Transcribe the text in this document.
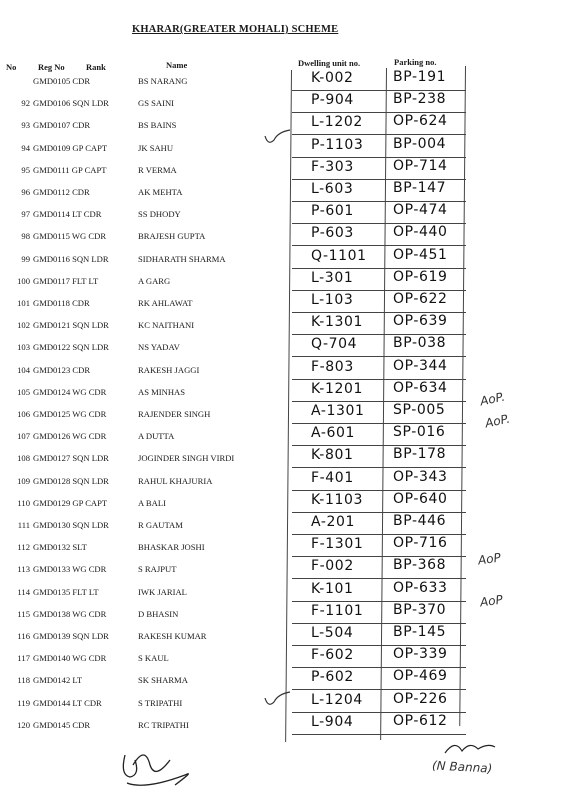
KHARAR(GREATER MOHALI) SCHEME
No	Reg No	Rank	Name	Dwelling unit no.	Parking no.
GMD0105 CDR	BS NARANG	K-002	BP-191
92 GMD0106 SQN LDR	GS SAINI	P-904	BP-238
93 GMD0107 CDR	BS BAINS	L-1202 OP-624
94 GMD0109 GP CAPT	JK SAHU	P-1103 BP-004
95 GMD0111 GP CAPT	R VERMA	F-303	OP-714
96 GMD0112 CDR	AK MEHTA	L-603	BP-147
97 GMD0114 LT CDR	SS DHODY	P-601	OP-474
98 GMD0115 WG CDR	BRAJESH GUPTA	P-603	OP-440
99 GMD0116 SQN LDR	SIDHARATH SHARMA	Q-1101 OP-451
100 GMD0117 FLT LT	A GARG	L-301	OP-619
101 GMD0118 CDR	RK AHLAWAT	L-103	OP-622
102 GMD0121 SQN LDR	KC NAITHANI	K-1301 OP-639
103 GMD0122 SQN LDR	NS YADAV	Q-704	BP-038
104 GMD0123 CDR	RAKESH JAGGI	F-803	OP-344
105 GMD0124 WG CDR	AS MINHAS	K-1201 OP-634
106 GMD0125 WG CDR	RAJENDER SINGH	A-1301 SP-005
107 GMD0126 WG CDR	A DUTTA	A-601	SP-016
108 GMD0127 SQN LDR	JOGINDER SINGH VIRDI	K-801	BP-178
109 GMD0128 SQN LDR	RAHUL KHAJURIA	F-401	OP-343
110 GMD0129 GP CAPT	A BALI	K-1103 OP-640
111 GMD0130 SQN LDR	R GAUTAM	A-201	BP-446
112 GMD0132 SLT	BHASKAR JOSHI	F-1301 OP-716
113 GMD0133 WG CDR	S RAJPUT	F-002	BP-368
114 GMD0135 FLT LT	IWK JARIAL	K-101	OP-633
115 GMD0138 WG CDR	D BHASIN	F-1101 BP-370
116 GMD0139 SQN LDR	RAKESH KUMAR	L-504	BP-145
117 GMD0140 WG CDR	S KAUL	F-602	OP-339
118 GMD0142 LT	SK SHARMA	P-602	OP-469
119 GMD0144 LT CDR	S TRIPATHI	L-1204 OP-226
120 GMD0145 CDR	RC TRIPATHI	L-904	OP-612
AoP.
AoP.
AoP
AoP
(N Banna)
